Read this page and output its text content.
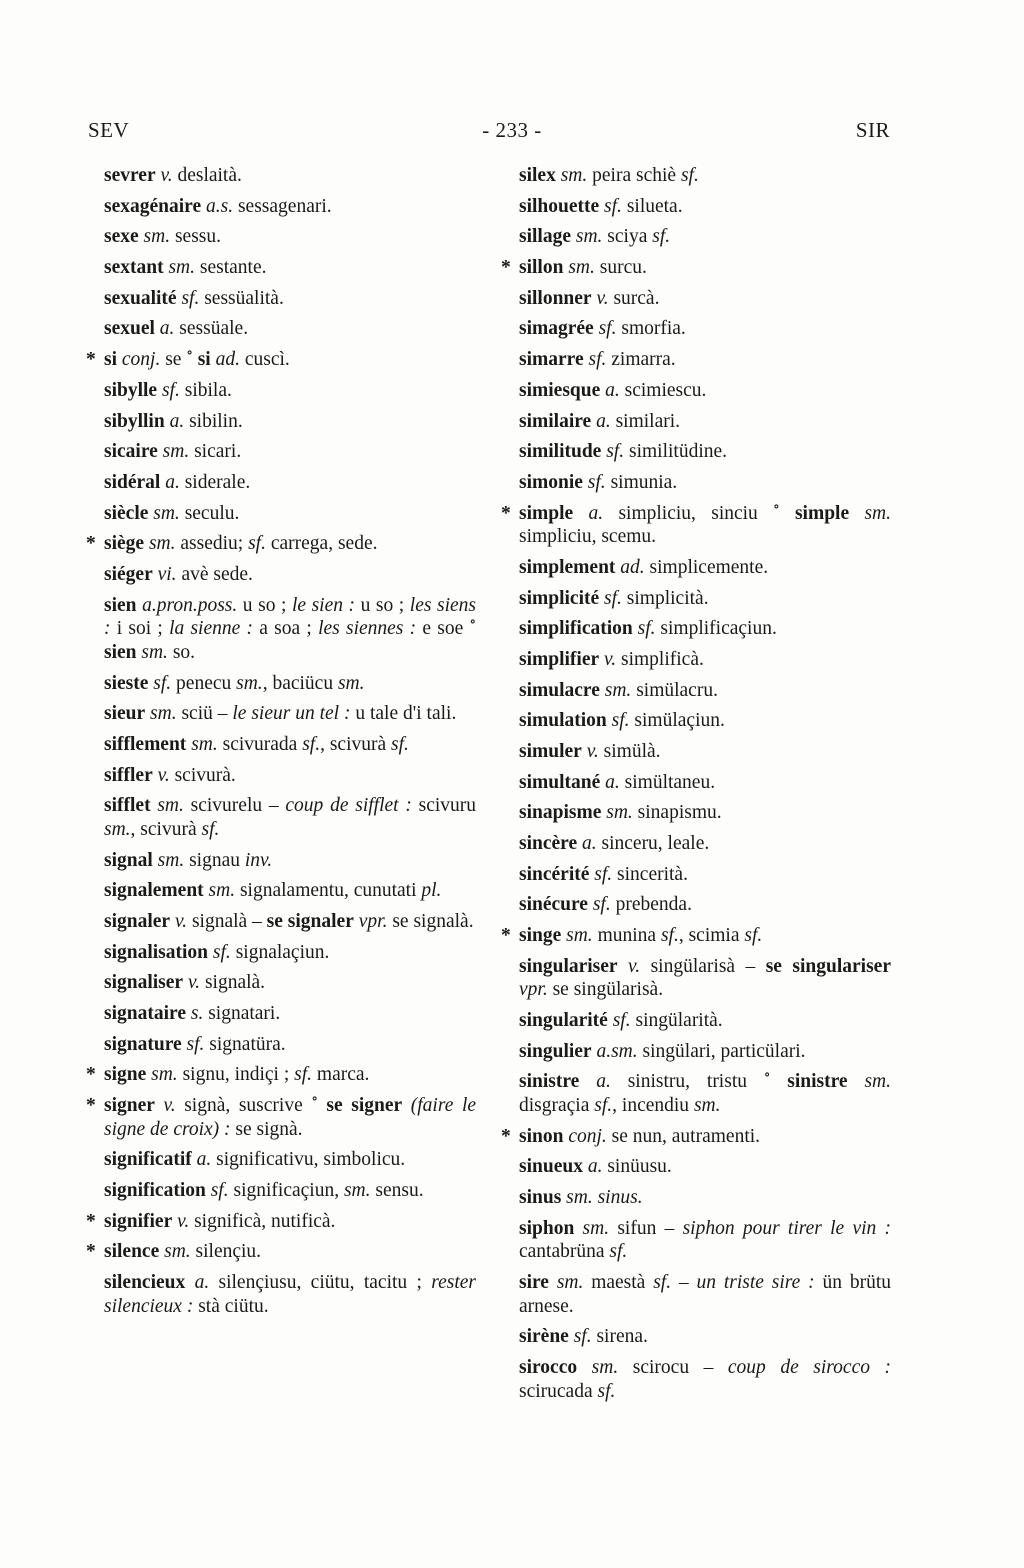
SEV	- 233 -	SIR
sevrer v. deslaità.
sexagénaire a.s. sessagenari.
sexe sm. sessu.
sextant sm. sestante.
sexualité sf. sessüalità.
sexuel a. sessüale.
* si conj. se ˚ si ad. cuscì.
sibylle sf. sibila.
sibyllin a. sibilin.
sicaire sm. sicari.
sidéral a. siderale.
siècle sm. seculu.
* siège sm. assediu; sf. carrega, sede.
siéger vi. avè sede.
sien a.pron.poss. u so ; le sien : u so ; les siens : i soi ; la sienne : a soa ; les siennes : e soe ˚ sien sm. so.
sieste sf. penecu sm., baciücu sm.
sieur sm. sciü – le sieur un tel : u tale d'i tali.
sifflement sm. scivurada sf., scivurà sf.
siffler v. scivurà.
sifflet sm. scivurelu – coup de sifflet : scivuru sm., scivurà sf.
signal sm. signau inv.
signalement sm. signalamentu, cunutati pl.
signaler v. signalà – se signaler vpr. se signalà.
signalisation sf. signalaçiun.
signaliser v. signalà.
signataire s. signatari.
signature sf. signatüra.
* signe sm. signu, indiçi ; sf. marca.
* signer v. signà, suscrive ˚ se signer (faire le signe de croix) : se signà.
significatif a. significativu, simbolicu.
signification sf. significaçiun, sm. sensu.
* signifier v. significà, nutificà.
* silence sm. silençiu.
silencieux a. silençiusu, ciütu, tacitu ; rester silencieux : stà ciütu.
silex sm. peira schiè sf.
silhouette sf. silueta.
sillage sm. sciya sf.
* sillon sm. surcu.
sillonner v. surcà.
simagrée sf. smorfia.
simarre sf. zimarra.
simiesque a. scimiescu.
similaire a. similari.
similitude sf. similitüdine.
simonie sf. simunia.
* simple a. simpliciu, sinciu ˚ simple sm. simpliciu, scemu.
simplement ad. simplicemente.
simplicité sf. simplicità.
simplification sf. simplificaçiun.
simplifier v. simplificà.
simulacre sm. simülacru.
simulation sf. simülaçiun.
simuler v. simülà.
simultané a. simültaneu.
sinapisme sm. sinapismu.
sincère a. sinceru, leale.
sincérité sf. sincerità.
sinécure sf. prebenda.
* singe sm. munina sf., scimia sf.
singulariser v. singülarisà – se singulariser vpr. se singülarisà.
singularité sf. singülarità.
singulier a.sm. singülari, particülari.
sinistre a. sinistru, tristu ˚ sinistre sm. disgraçia sf., incendiu sm.
* sinon conj. se nun, autramenti.
sinueux a. sinüusu.
sinus sm. sinus.
siphon sm. sifun – siphon pour tirer le vin : cantabrüna sf.
sire sm. maestà sf. – un triste sire : ün brütu arnese.
sirène sf. sirena.
sirocco sm. scirocu – coup de sirocco : scirucada sf.
